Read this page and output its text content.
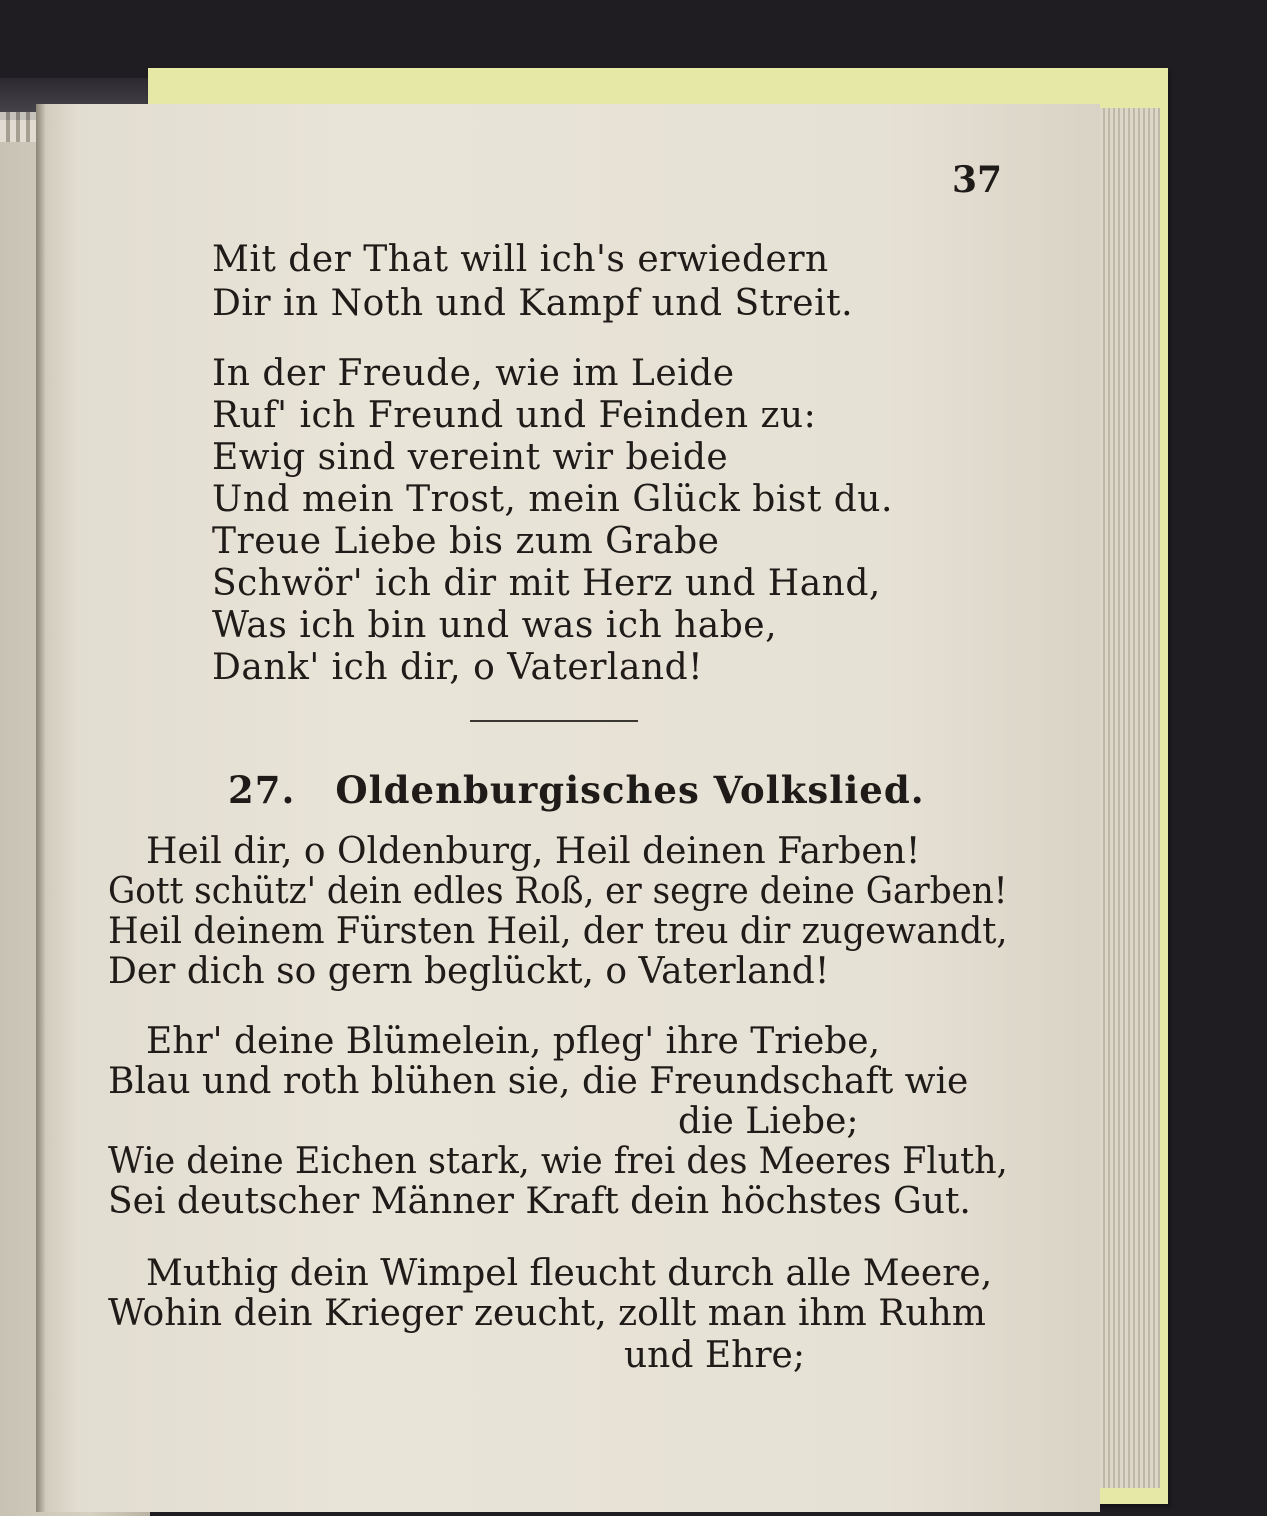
37
Mit der That will ich's erwiedern
Dir in Noth und Kampf und Streit.
In der Freude, wie im Leide
Ruf' ich Freund und Feinden zu:
Ewig sind vereint wir beide
Und mein Trost, mein Glück bist du.
Treue Liebe bis zum Grabe
Schwör' ich dir mit Herz und Hand,
Was ich bin und was ich habe,
Dank' ich dir, o Vaterland!
27. Oldenburgisches Volkslied.
Heil dir, o Oldenburg, Heil deinen Farben!
Gott schütz' dein edles Roß, er segre deine Garben!
Heil deinem Fürsten Heil, der treu dir zugewandt,
Der dich so gern beglückt, o Vaterland!
Ehr' deine Blümelein, pfleg' ihre Triebe,
Blau und roth blühen sie, die Freundschaft wie
die Liebe;
Wie deine Eichen stark, wie frei des Meeres Fluth,
Sei deutscher Männer Kraft dein höchstes Gut.
Muthig dein Wimpel fleucht durch alle Meere,
Wohin dein Krieger zeucht, zollt man ihm Ruhm
und Ehre;
